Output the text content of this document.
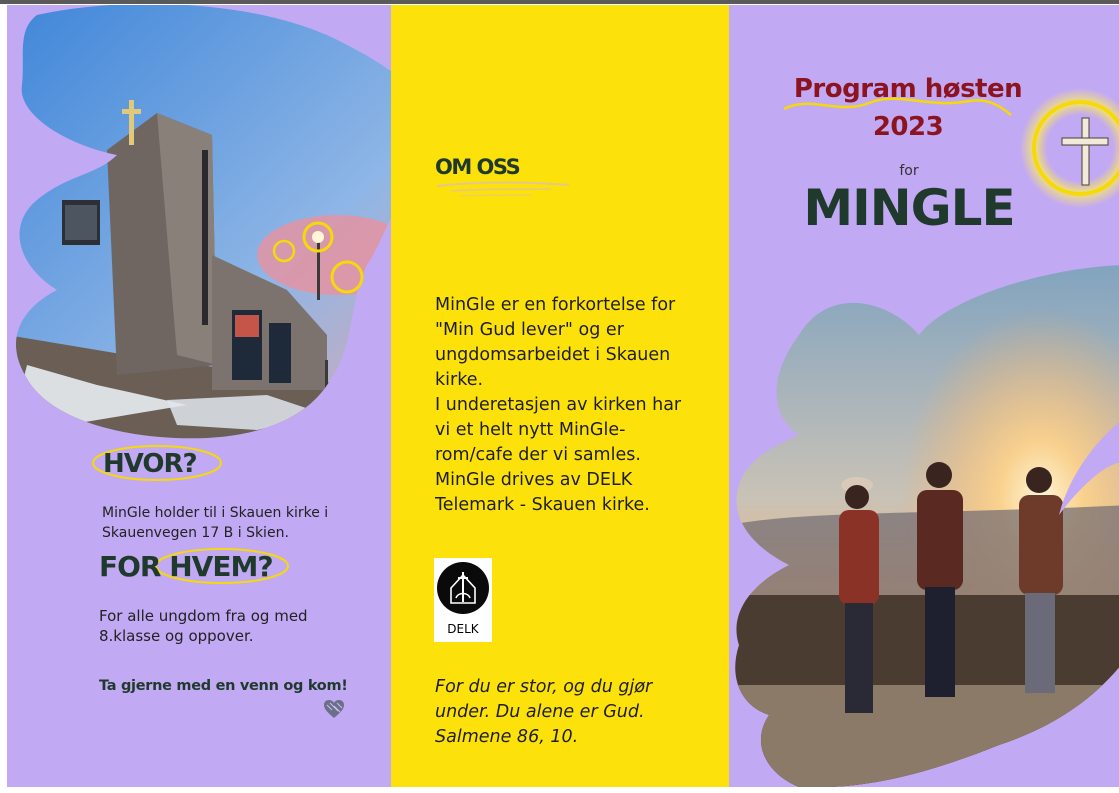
HVOR?
MinGle holder til i Skauen kirke i Skauenvegen 17 B i Skien.
FOR HVEM?
For alle ungdom fra og med 8.klasse og oppover.
Ta gjerne med en venn og kom!
OM OSS
MinGle er en forkortelse for "Min Gud lever" og er ungdomsarbeidet i Skauen kirke.
I underetasjen av kirken har vi et helt nytt MinGle-rom/cafe der vi samles. MinGle drives av DELK Telemark - Skauen kirke.
DELK
For du er stor, og du gjør under. Du alene er Gud. Salmene 86, 10.
Program høsten 2023
for
MINGLE
